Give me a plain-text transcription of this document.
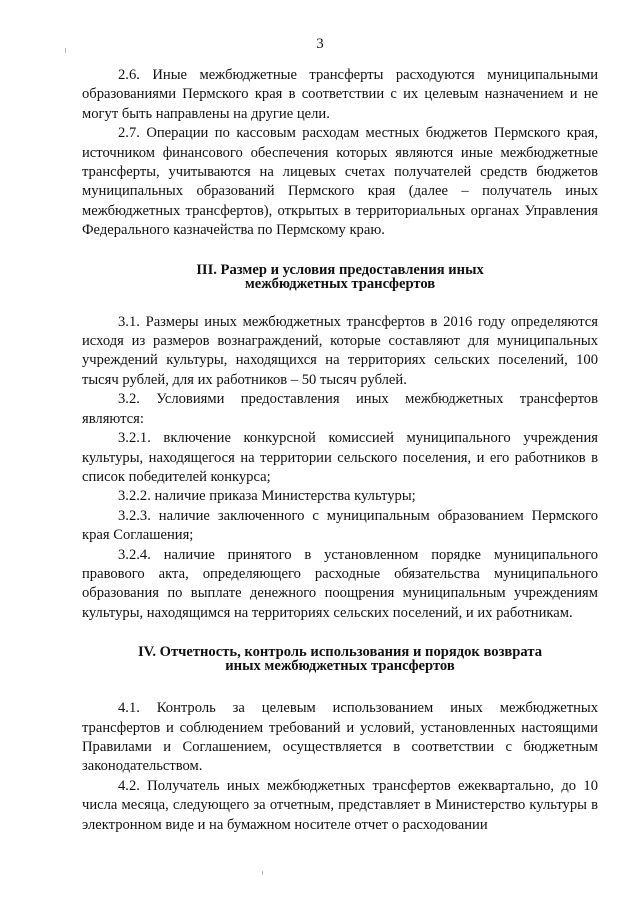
3

2.6. Иные межбюджетные трансферты расходуются муниципальными образованиями Пермского края в соответствии с их целевым назначением и не могут быть направлены на другие цели.

2.7. Операции по кассовым расходам местных бюджетов Пермского края, источником финансового обеспечения которых являются иные межбюджетные трансферты, учитываются на лицевых счетах получателей средств бюджетов муниципальных образований Пермского края (далее – получатель иных межбюджетных трансфертов), открытых в территориальных органах Управления Федерального казначейства по Пермскому краю.

III. Размер и условия предоставления иных
межбюджетных трансфертов

3.1. Размеры иных межбюджетных трансфертов в 2016 году определяются исходя из размеров вознаграждений, которые составляют для муниципальных учреждений культуры, находящихся на территориях сельских поселений, 100 тысяч рублей, для их работников – 50 тысяч рублей.

3.2. Условиями предоставления иных межбюджетных трансфертов являются:

3.2.1. включение конкурсной комиссией муниципального учреждения культуры, находящегося на территории сельского поселения, и его работников в список победителей конкурса;

3.2.2. наличие приказа Министерства культуры;

3.2.3. наличие заключенного с муниципальным образованием Пермского края Соглашения;

3.2.4. наличие принятого в установленном порядке муниципального правового акта, определяющего расходные обязательства муниципального образования по выплате денежного поощрения муниципальным учреждениям культуры, находящимся на территориях сельских поселений, и их работникам.

IV. Отчетность, контроль использования и порядок возврата
иных межбюджетных трансфертов

4.1. Контроль за целевым использованием иных межбюджетных трансфертов и соблюдением требований и условий, установленных настоящими Правилами и Соглашением, осуществляется в соответствии с бюджетным законодательством.

4.2. Получатель иных межбюджетных трансфертов ежеквартально, до 10 числа месяца, следующего за отчетным, представляет в Министерство культуры в электронном виде и на бумажном носителе отчет о расходовании
